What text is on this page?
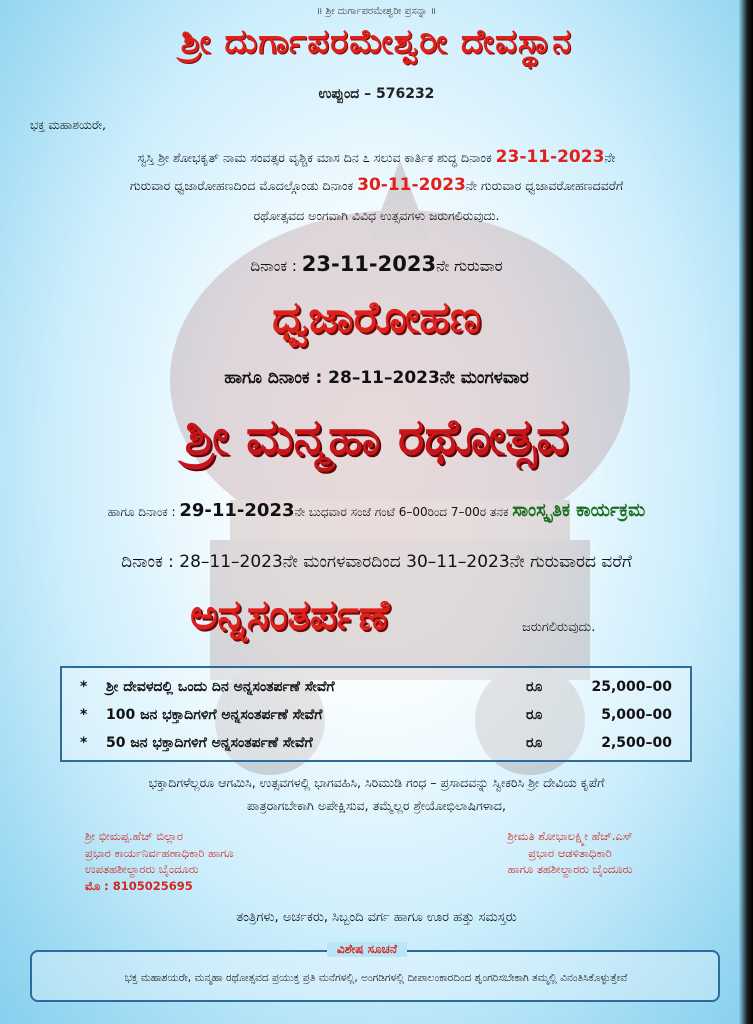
॥ ಶ್ರೀ ದುರ್ಗಾಪರಮೇಶ್ವರೀ ಪ್ರಸನ್ನಾ ॥
ಶ್ರೀ ದುರ್ಗಾಪರಮೇಶ್ವರೀ ದೇವಸ್ಥಾನ
ಉಪ್ಪುಂದ – 576232
ಭಕ್ತ ಮಹಾಶಯರೇ,
ಸ್ವಸ್ತಿ ಶ್ರೀ ಶೋಭಕೃತ್ ನಾಮ ಸಂವತ್ಸರ ವೃಶ್ಚಿಕ ಮಾಸ ದಿನ ೭ ಸಲುವ ಕಾರ್ತಿಕ ಶುದ್ಧ ದಿನಾಂಕ 23-11-2023ನೇ
ಗುರುವಾರ ಧ್ವಜಾರೋಹಣದಿಂದ ಮೊದಲ್ಗೊಂಡು ದಿನಾಂಕ 30-11-2023ನೇ ಗುರುವಾರ ಧ್ವಜಾವರೋಹಣದವರೆಗೆ
ರಥೋತ್ಸವದ ಅಂಗವಾಗಿ ವಿವಿಧ ಉತ್ಸವಗಳು ಜರುಗಲಿರುವುದು.
ದಿನಾಂಕ : 23-11-2023ನೇ ಗುರುವಾರ
ಧ್ವಜಾರೋಹಣ
ಹಾಗೂ ದಿನಾಂಕ : 28–11–2023ನೇ ಮಂಗಳವಾರ
ಶ್ರೀ ಮನ್ಮಹಾ ರಥೋತ್ಸವ
ಹಾಗೂ ದಿನಾಂಕ : 29-11-2023ನೇ ಬುಧವಾರ ಸಂಜೆ ಗಂಟೆ 6–00ರಿಂದ 7–00ರ ತನಕ ಸಾಂಸ್ಕೃತಿಕ ಕಾರ್ಯಕ್ರಮ
ದಿನಾಂಕ : 28–11–2023ನೇ ಮಂಗಳವಾರದಿಂದ 30–11–2023ನೇ ಗುರುವಾರದ ವರೆಗೆ
ಅನ್ನಸಂತರ್ಪಣೆ	ಜರುಗಲಿರುವುದು.
* ಶ್ರೀ ದೇವಳದಲ್ಲಿ ಒಂದು ದಿನ ಅನ್ನಸಂತರ್ಪಣೆ ಸೇವೆಗೆ	ರೂ	25,000–00
* 100 ಜನ ಭಕ್ತಾದಿಗಳಿಗೆ ಅನ್ನಸಂತರ್ಪಣೆ ಸೇವೆಗೆ	ರೂ	5,000–00
* 50 ಜನ ಭಕ್ತಾದಿಗಳಿಗೆ ಅನ್ನಸಂತರ್ಪಣೆ ಸೇವೆಗೆ	ರೂ	2,500–00
ಭಕ್ತಾದಿಗಳೆಲ್ಲರೂ ಆಗಮಿಸಿ, ಉತ್ಸವಗಳಲ್ಲಿ ಭಾಗವಹಿಸಿ, ಸಿರಿಮುಡಿ ಗಂಧ – ಪ್ರಸಾದವನ್ನು ಸ್ವೀಕರಿಸಿ ಶ್ರೀ ದೇವಿಯ ಕೃಪೆಗೆ
ಪಾತ್ರರಾಗಬೇಕಾಗಿ ಅಪೇಕ್ಷಿಸುವ, ತಮ್ಮೆಲ್ಲರ ಶ್ರೇಯೋಭಿಲಾಷಿಗಳಾದ,
ಶ್ರೀ ಭೀಮಪ್ಪ.ಹೆಚ್ ಬಿಲ್ಲಾರ
ಪ್ರಭಾರ ಕಾರ್ಯನಿರ್ವಹಣಾಧಿಕಾರಿ ಹಾಗೂ
ಉಪತಹಶೀಲ್ದಾರರು ಬೈಂದೂರು
ಮೊ : 8105025695
ಶ್ರೀಮತಿ ಶೋಭಾಲಕ್ಷ್ಮೀ ಹೆಚ್.ಎಸ್
ಪ್ರಭಾರ ಆಡಳಿತಾಧಿಕಾರಿ
ಹಾಗೂ ತಹಶೀಲ್ದಾರರು ಬೈಂದೂರು
ತಂತ್ರಿಗಳು, ಅರ್ಚಕರು, ಸಿಬ್ಬಂದಿ ವರ್ಗ ಹಾಗೂ ಊರ ಹತ್ತು ಸಮಸ್ತರು
ವಿಶೇಷ ಸೂಚನೆ
ಭಕ್ತ ಮಹಾಶಯರೇ, ಮನ್ಮಹಾ ರಥೋತ್ಸವದ ಪ್ರಯುಕ್ತ ಪ್ರತಿ ಮನೆಗಳಲ್ಲಿ, ಅಂಗಡಿಗಳಲ್ಲಿ ದೀಪಾಲಂಕಾರದಿಂದ ಶೃಂಗರಿಸಬೇಕಾಗಿ ತಮ್ಮಲ್ಲಿ ವಿನಂತಿಸಿಕೊಳ್ಳುತ್ತೇವೆ
